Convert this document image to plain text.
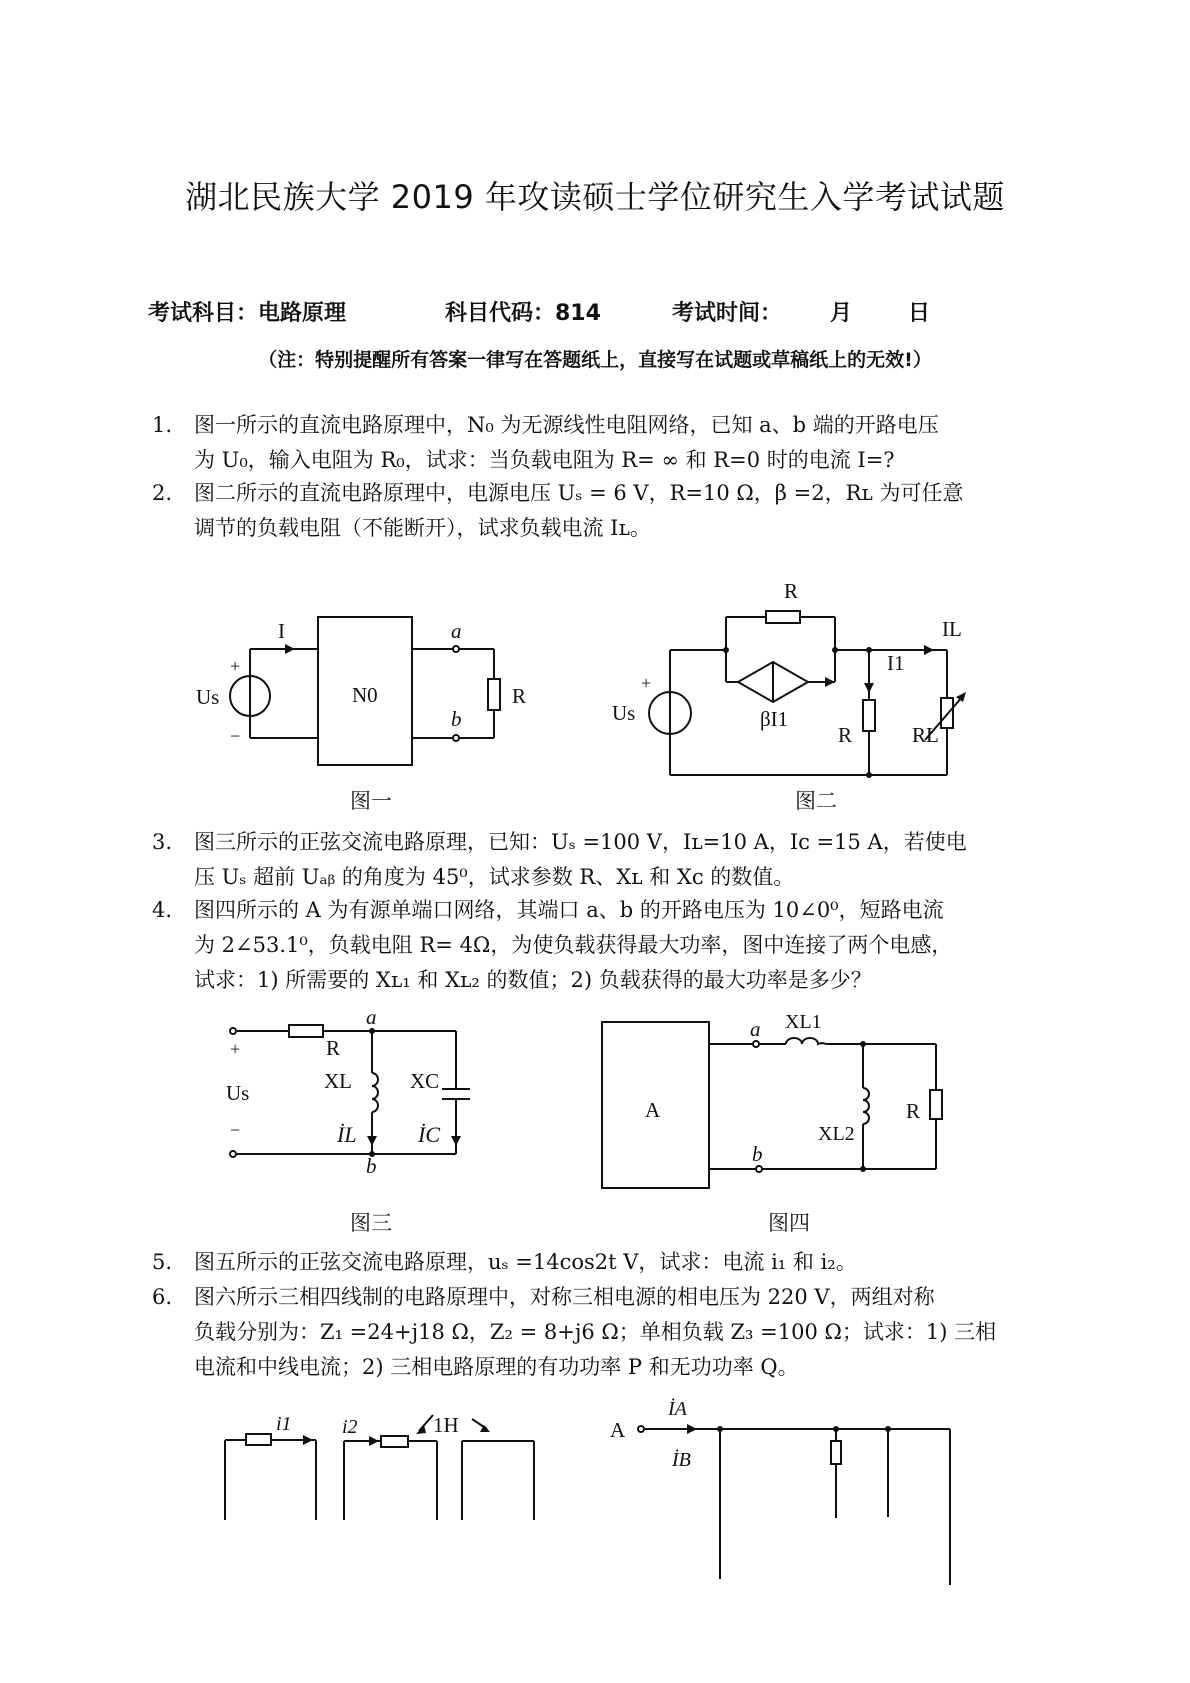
湖北民族大学 2019 年攻读硕士学位研究生入学考试试题
考试科目：电路原理	科目代码：814	考试时间： 月	日
（注：特别提醒所有答案一律写在答题纸上，直接写在试题或草稿纸上的无效!）
1.	图一所示的直流电路原理中，N₀ 为无源线性电阻网络，已知 a、b 端的开路电压
为 U₀，输入电阻为 R₀，试求：当负载电阻为 R= ∞ 和 R=0 时的电流 I=?
2.	图二所示的直流电路原理中，电源电压 Uₛ = 6 V，R=10 Ω，β =2，Rʟ 为可任意
调节的负载电阻（不能断开），试求负载电流 Iʟ。
3.	图三所示的正弦交流电路原理，已知：Uₛ =100 V，Iʟ=10 A，Iᴄ =15 A，若使电
压 Uₛ 超前 Uₐᵦ 的角度为 45⁰，试求参数 R、Xʟ 和 Xᴄ 的数值。
4.	图四所示的 A 为有源单端口网络，其端口 a、b 的开路电压为 10∠0⁰，短路电流
为 2∠53.1⁰，负载电阻 R= 4Ω，为使负载获得最大功率，图中连接了两个电感，
试求：1) 所需要的 Xʟ₁ 和 Xʟ₂ 的数值；2) 负载获得的最大功率是多少？
5.	图五所示的正弦交流电路原理，uₛ =14cos2t V，试求：电流 i₁ 和 i₂。
6.	图六所示三相四线制的电路原理中，对称三相电源的相电压为 220 V，两组对称
负载分别为：Z₁ =24+j18 Ω，Z₂ = 8+j6 Ω；单相负载 Z₃ =100 Ω；试求：1) 三相
电流和中线电流；2) 三相电路原理的有功功率 P 和无功功率 Q。
I
+
−
Us	N0
a
b
R
图一
R
IL
I1
+
Us	βI1
R	RL
图二
a
b
R
+
Us
−
XL	XC
İL	İC
图三
A
a
b
XL1
XL2
R
图四
i1	i2	1H	A
İA
İB
